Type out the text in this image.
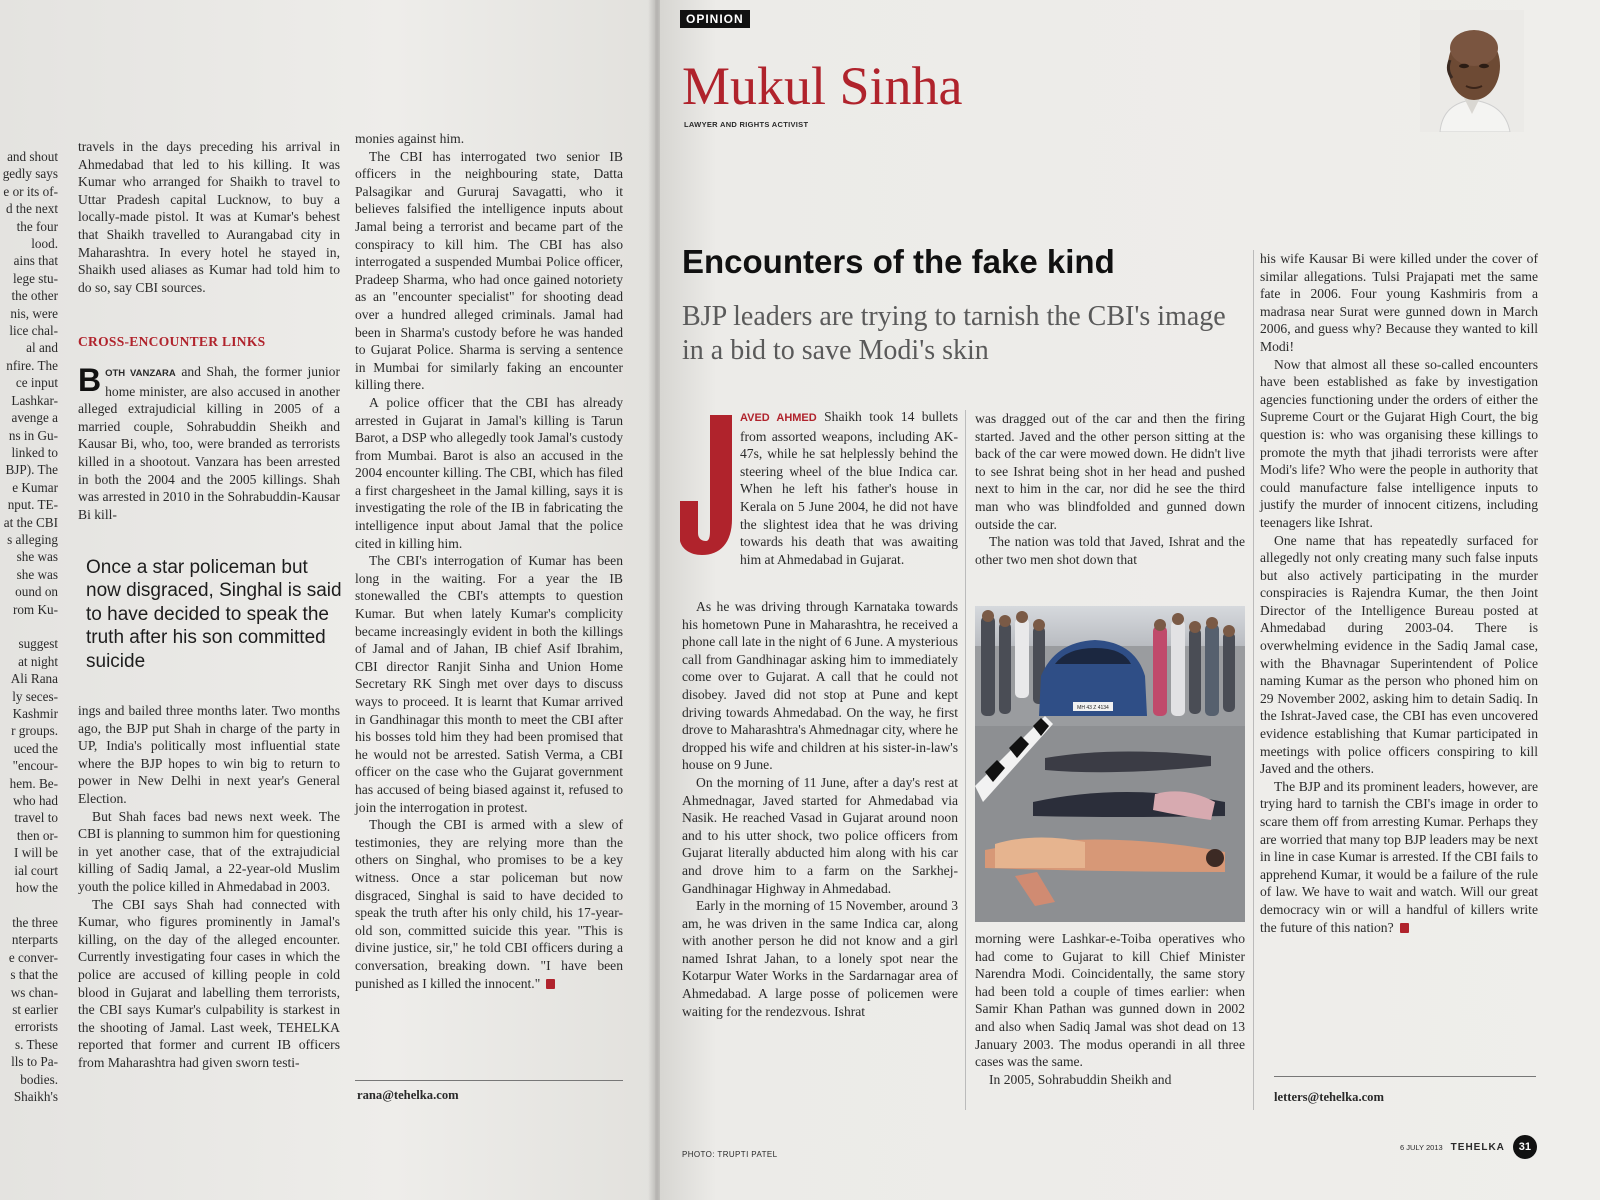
and shout
gedly says
e or its of-
d the next
the four
lood.
ains that
lege stu-
the other
nis, were
lice chal-
al and
nfire. The
ce input
Lashkar-
avenge a
ns in Gu-
linked to
BJP). The
e Kumar
nput. TE-
at the CBI
s alleging
she was
she was
ound on
rom Ku-

suggest
at night
Ali Rana
ly seces-
Kashmir
r groups.
uced the
"encour-
hem. Be-
who had
travel to
then or-
I will be
ial court
how the

the three
nterparts
e conver-
s that the
ws chan-
st earlier
errorists
s. These
lls to Pa-
bodies.
Shaikh's

travels in the days preceding his arrival in Ahmedabad that led to his killing. It was Kumar who arranged for Shaikh to travel to Uttar Pradesh capital Lucknow, to buy a locally-made pistol. It was at Kumar's behest that Shaikh travelled to Aurangabad city in Maharashtra. In every hotel he stayed in, Shaikh used aliases as Kumar had told him to do so, say CBI sources.

CROSS-ENCOUNTER LINKS

BOTH VANZARA and Shah, the former junior home minister, are also accused in another alleged extrajudicial killing in 2005 of a married couple, Sohrabuddin Sheikh and Kausar Bi, who, too, were branded as terrorists killed in a shootout. Vanzara has been arrested in both the 2004 and the 2005 killings. Shah was arrested in 2010 in the Sohrabuddin-Kausar Bi kill-

Once a star policeman but now disgraced, Singhal is said to have decided to speak the truth after his son committed suicide

ings and bailed three months later. Two months ago, the BJP put Shah in charge of the party in UP, India's politically most influential state where the BJP hopes to win big to return to power in New Delhi in next year's General Election.

But Shah faces bad news next week. The CBI is planning to summon him for questioning in yet another case, that of the extrajudicial killing of Sadiq Jamal, a 22-year-old Muslim youth the police killed in Ahmedabad in 2003.

The CBI says Shah had connected with Kumar, who figures prominently in Jamal's killing, on the day of the alleged encounter. Currently investigating four cases in which the police are accused of killing people in cold blood in Gujarat and labelling them terrorists, the CBI says Kumar's culpability is starkest in the shooting of Jamal. Last week, TEHELKA reported that former and current IB officers from Maharashtra had given sworn testi-

monies against him.

The CBI has interrogated two senior IB officers in the neighbouring state, Datta Palsagikar and Gururaj Savagatti, who it believes falsified the intelligence inputs about Jamal being a terrorist and became part of the conspiracy to kill him. The CBI has also interrogated a suspended Mumbai Police officer, Pradeep Sharma, who had once gained notoriety as an "encounter specialist" for shooting dead over a hundred alleged criminals. Jamal had been in Sharma's custody before he was handed to Gujarat Police. Sharma is serving a sentence in Mumbai for similarly faking an encounter killing there.

A police officer that the CBI has already arrested in Gujarat in Jamal's killing is Tarun Barot, a DSP who allegedly took Jamal's custody from Mumbai. Barot is also an accused in the 2004 encounter killing. The CBI, which has filed a first chargesheet in the Jamal killing, says it is investigating the role of the IB in fabricating the intelligence input about Jamal that the police cited in killing him.

The CBI's interrogation of Kumar has been long in the waiting. For a year the IB stonewalled the CBI's attempts to question Kumar. But when lately Kumar's complicity became increasingly evident in both the killings of Jamal and of Jahan, IB chief Asif Ibrahim, CBI director Ranjit Sinha and Union Home Secretary RK Singh met over days to discuss ways to proceed. It is learnt that Kumar arrived in Gandhinagar this month to meet the CBI after his bosses told him they had been promised that he would not be arrested. Satish Verma, a CBI officer on the case who the Gujarat government has accused of being biased against it, refused to join the interrogation in protest.

Though the CBI is armed with a slew of testimonies, they are relying more than the others on Singhal, who promises to be a key witness. Once a star policeman but now disgraced, Singhal is said to have decided to speak the truth after his only child, his 17-year-old son, committed suicide this year. "This is divine justice, sir," he told CBI officers during a conversation, breaking down. "I have been punished as I killed the innocent."

rana@tehelka.com
OPINION
Mukul Sinha
LAWYER AND RIGHTS ACTIVIST
Encounters of the fake kind
BJP leaders are trying to tarnish the CBI's image in a bid to save Modi's skin

AVED AHMED Shaikh took 14 bullets from assorted weapons, including AK-47s, while he sat helplessly behind the steering wheel of the blue Indica car. When he left his father's house in Kerala on 5 June 2004, he did not have the slightest idea that he was driving towards his death that was awaiting him at Ahmedabad in Gujarat.

As he was driving through Karnataka towards his hometown Pune in Maharashtra, he received a phone call late in the night of 6 June. A mysterious call from Gandhinagar asking him to immediately come over to Gujarat. A call that he could not disobey. Javed did not stop at Pune and kept driving towards Ahmedabad. On the way, he first drove to Maharashtra's Ahmednagar city, where he dropped his wife and children at his sister-in-law's house on 9 June.

On the morning of 11 June, after a day's rest at Ahmednagar, Javed started for Ahmedabad via Nasik. He reached Vasad in Gujarat around noon and to his utter shock, two police officers from Gujarat literally abducted him along with his car and drove him to a farm on the Sarkhej-Gandhinagar Highway in Ahmedabad.

Early in the morning of 15 November, around 3 am, he was driven in the same Indica car, along with another person he did not know and a girl named Ishrat Jahan, to a lonely spot near the Kotarpur Water Works in the Sardarnagar area of Ahmedabad. A large posse of policemen were waiting for the rendezvous. Ishrat

was dragged out of the car and then the firing started. Javed and the other person sitting at the back of the car were mowed down. He didn't live to see Ishrat being shot in her head and pushed next to him in the car, nor did he see the third man who was blindfolded and gunned down outside the car.

The nation was told that Javed, Ishrat and the other two men shot down that

MH 43 Z 4134

morning were Lashkar-e-Toiba operatives who had come to Gujarat to kill Chief Minister Narendra Modi. Coincidentally, the same story had been told a couple of times earlier: when Samir Khan Pathan was gunned down in 2002 and also when Sadiq Jamal was shot dead on 13 January 2003. The modus operandi in all three cases was the same.

In 2005, Sohrabuddin Sheikh and

his wife Kausar Bi were killed under the cover of similar allegations. Tulsi Prajapati met the same fate in 2006. Four young Kashmiris from a madrasa near Surat were gunned down in March 2006, and guess why? Because they wanted to kill Modi!

Now that almost all these so-called encounters have been established as fake by investigation agencies functioning under the orders of either the Supreme Court or the Gujarat High Court, the big question is: who was organising these killings to promote the myth that jihadi terrorists were after Modi's life? Who were the people in authority that could manufacture false intelligence inputs to justify the murder of innocent citizens, including teenagers like Ishrat.

One name that has repeatedly surfaced for allegedly not only creating many such false inputs but also actively participating in the murder conspiracies is Rajendra Kumar, the then Joint Director of the Intelligence Bureau posted at Ahmedabad during 2003-04. There is overwhelming evidence in the Sadiq Jamal case, with the Bhavnagar Superintendent of Police naming Kumar as the person who phoned him on 29 November 2002, asking him to detain Sadiq. In the Ishrat-Javed case, the CBI has even uncovered evidence establishing that Kumar participated in meetings with police officers conspiring to kill Javed and the others.

The BJP and its prominent leaders, however, are trying hard to tarnish the CBI's image in order to scare them off from arresting Kumar. Perhaps they are worried that many top BJP leaders may be next in line in case Kumar is arrested. If the CBI fails to apprehend Kumar, it would be a failure of the rule of law. We have to wait and watch. Will our great democracy win or will a handful of killers write the future of this nation?

letters@tehelka.com
PHOTO: TRUPTI PATEL
6 JULY 2013 TEHELKA	31
